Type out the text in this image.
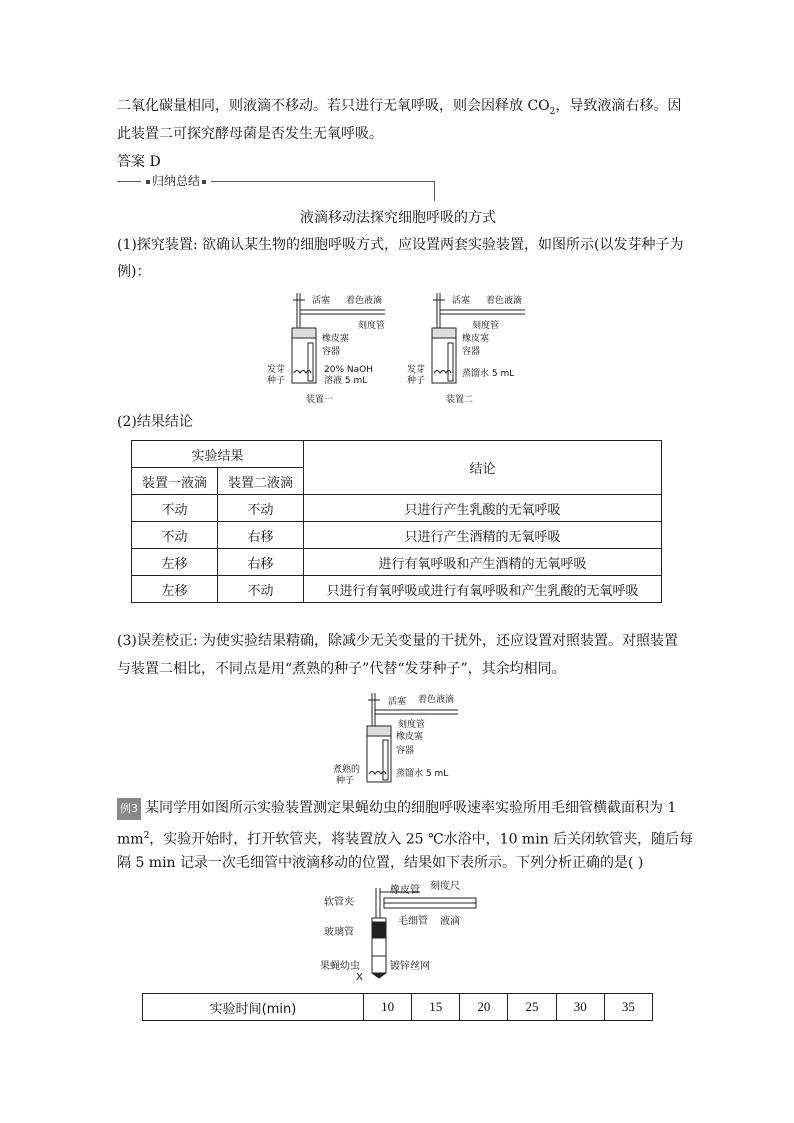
二氧化碳量相同，则液滴不移动。若只进行无氧呼吸，则会因释放 $CO_2$，导致液滴右移。因

此装置二可探究酵母菌是否发生无氧呼吸。

答案 D

归纳总结

液滴移动法探究细胞呼吸的方式

(1)探究装置: 欲确认某生物的细胞呼吸方式，应设置两套实验装置，如图所示(以发芽种子为

例)：

活塞 着色液滴
刻度管
橡皮塞
容器
20% NaOH
溶液 5 mL
发芽
种子
装置一
活塞 着色液滴
刻度管
橡皮塞
容器
蒸馏水 5 mL
发芽
种子
装置二

(2)结果结论

实验结果		结论
装置一液滴	装置二液滴	
不动	不动	只进行产生乳酸的无氧呼吸
不动	右移	只进行产生酒精的无氧呼吸
左移	右移	进行有氧呼吸和产生酒精的无氧呼吸
左移	不动	只进行有氧呼吸或进行有氧呼吸和产生乳酸的无氧呼吸

(3)误差校正: 为使实验结果精确，除减少无关变量的干扰外，还应设置对照装置。对照装置

与装置二相比，不同点是用“煮熟的种子”代替“发芽种子”，其余均相同。

活塞 着色液滴
刻度管
橡皮塞
容器
蒸馏水 5 mL
煮熟的
种子

例3 某同学用如图所示实验装置测定果蝇幼虫的细胞呼吸速率实验所用毛细管横截面积为 1

$mm^2$，实验开始时，打开软管夹，将装置放入 25 ℃水浴中，10 min 后关闭软管夹，随后每

隔 5 min 记录一次毛细管中液滴移动的位置，结果如下表所示。下列分析正确的是( )

软管夹
橡皮管 刻度尺
毛细管 液滴
玻璃管
果蝇幼虫	镀锌丝网
X
实验时间(min)	10	15	20	25	30	35
